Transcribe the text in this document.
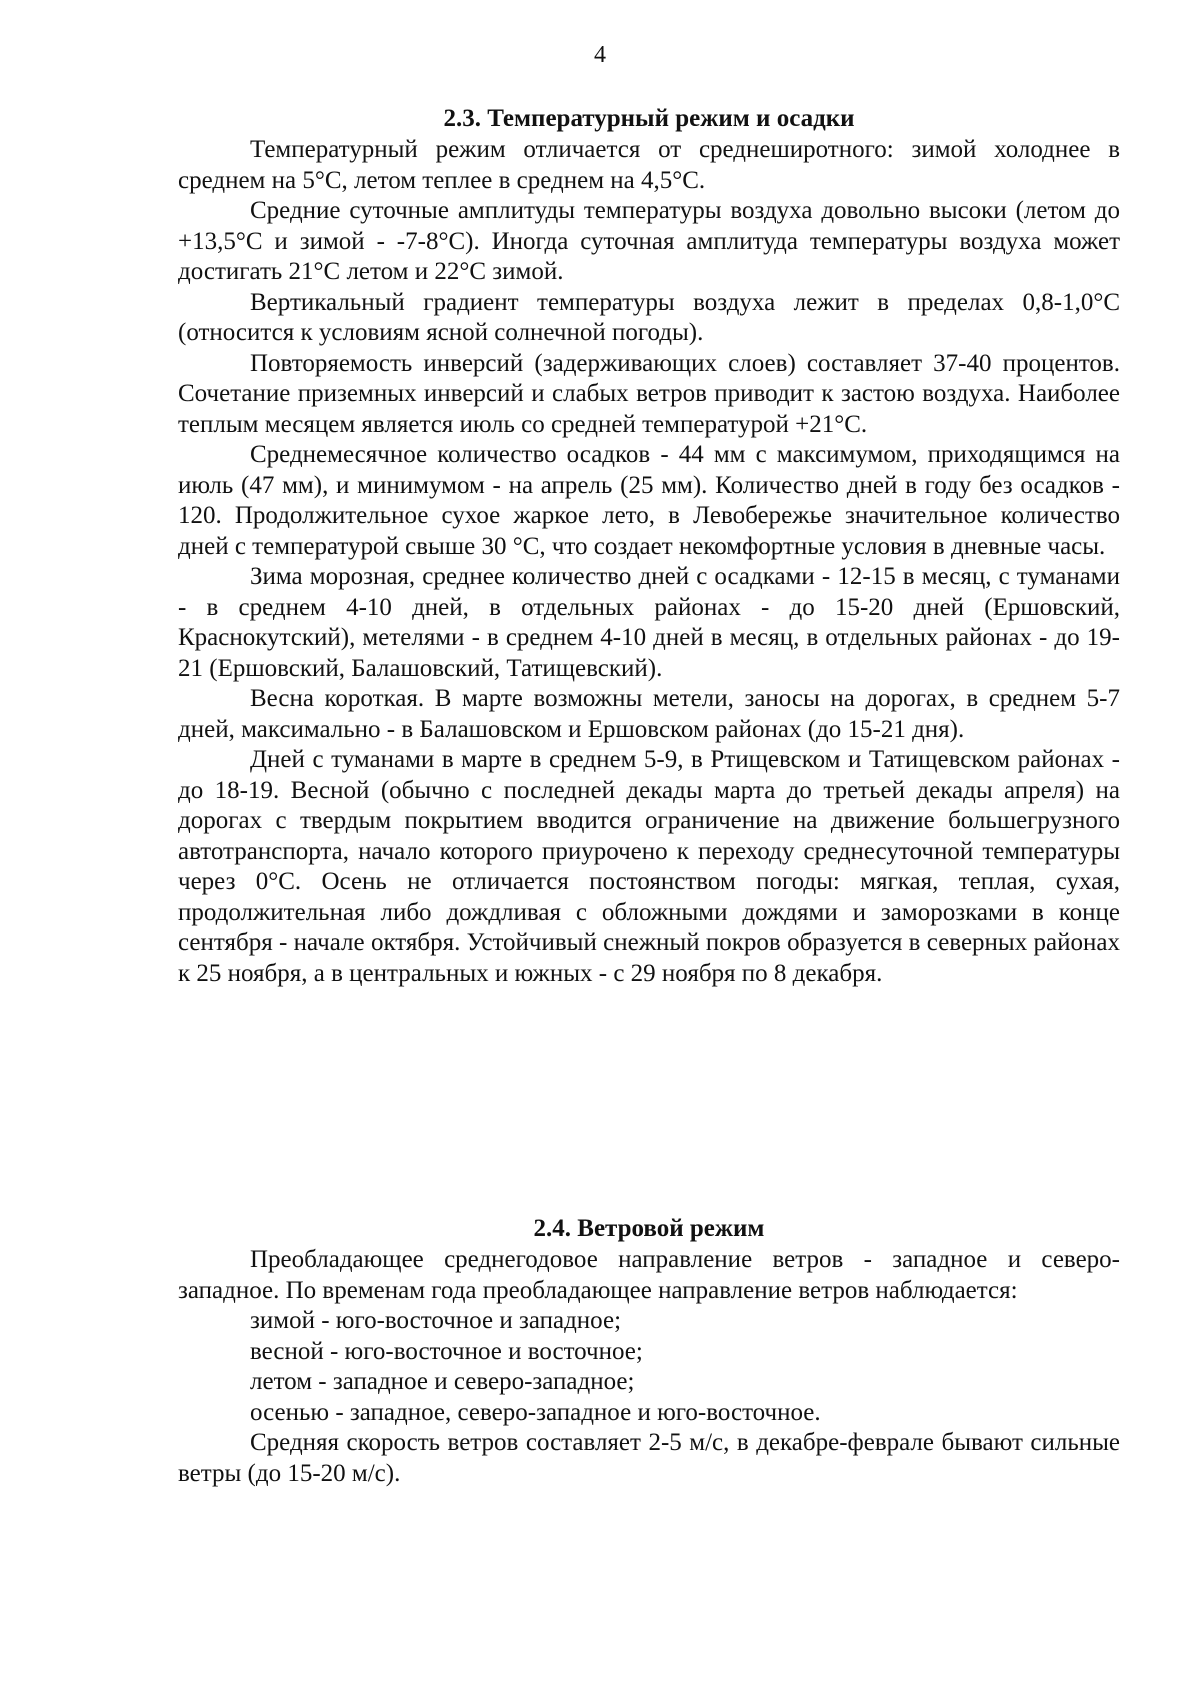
4
2.3. Температурный режим и осадки

Температурный режим отличается от среднеширотного: зимой холоднее в среднем на 5°С, летом теплее в среднем на 4,5°С.

Средние суточные амплитуды температуры воздуха довольно высоки (летом до +13,5°С и зимой - -7-8°С). Иногда суточная амплитуда температуры воздуха может достигать 21°С летом и 22°С зимой.

Вертикальный градиент температуры воздуха лежит в пределах 0,8-1,0°С (относится к условиям ясной солнечной погоды).

Повторяемость инверсий (задерживающих слоев) составляет 37-40 процентов. Сочетание приземных инверсий и слабых ветров приводит к застою воздуха. Наиболее теплым месяцем является июль со средней температурой +21°С.

Среднемесячное количество осадков - 44 мм с максимумом, приходящимся на июль (47 мм), и минимумом - на апрель (25 мм). Количество дней в году без осадков - 120. Продолжительное сухое жаркое лето, в Левобережье значительное количество дней с температурой свыше 30 °С, что создает некомфортные условия в дневные часы.

Зима морозная, среднее количество дней с осадками - 12-15 в месяц, с туманами - в среднем 4-10 дней, в отдельных районах - до 15-20 дней (Ершовский, Краснокутский), метелями - в среднем 4-10 дней в месяц, в отдельных районах - до 19-21 (Ершовский, Балашовский, Татищевский).

Весна короткая. В марте возможны метели, заносы на дорогах, в среднем 5-7 дней, максимально - в Балашовском и Ершовском районах (до 15-21 дня).

Дней с туманами в марте в среднем 5-9, в Ртищевском и Татищевском районах - до 18-19. Весной (обычно с последней декады марта до третьей декады апреля) на дорогах с твердым покрытием вводится ограничение на движение большегрузного автотранспорта, начало которого приурочено к переходу среднесуточной температуры через 0°С. Осень не отличается постоянством погоды: мягкая, теплая, сухая, продолжительная либо дождливая с обложными дождями и заморозками в конце сентября - начале октября. Устойчивый снежный покров образуется в северных районах к 25 ноября, а в центральных и южных - с 29 ноября по 8 декабря.

2.4. Ветровой режим

Преобладающее среднегодовое направление ветров - западное и северо-западное. По временам года преобладающее направление ветров наблюдается:

зимой - юго-восточное и западное;

весной - юго-восточное и восточное;

летом - западное и северо-западное;

осенью - западное, северо-западное и юго-восточное.

Средняя скорость ветров составляет 2-5 м/с, в декабре-феврале бывают сильные ветры (до 15-20 м/с).
